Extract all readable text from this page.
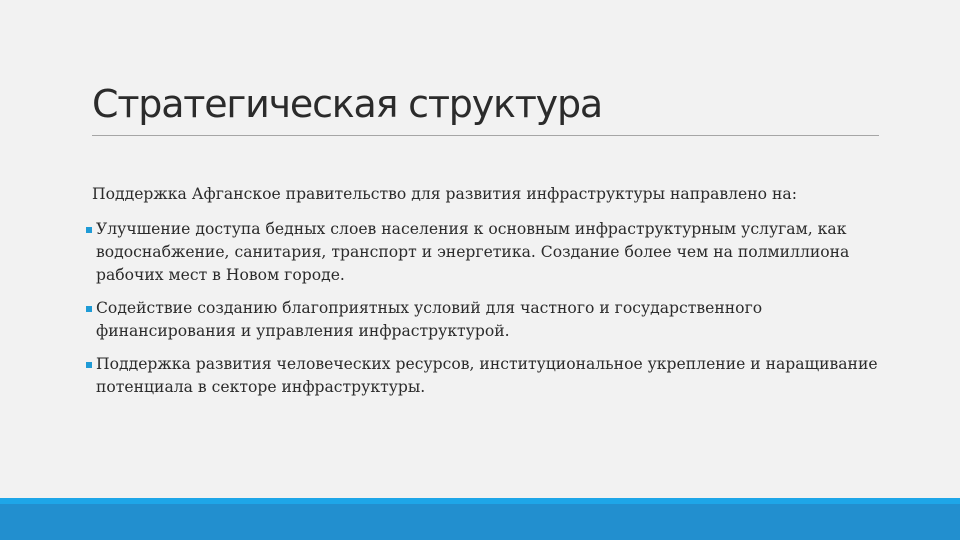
Стратегическая структура

Поддержка Афганское правительство для развития инфраструктуры направлено на:

Улучшение доступа бедных слоев населения к основным инфраструктурным услугам, как водоснабжение, санитария, транспорт и энергетика. Создание более чем на полмиллиона рабочих мест в Новом городе.
Содействие созданию благоприятных условий для частного и государственного финансирования и управления инфраструктурой.
Поддержка развития человеческих ресурсов, институциональное укрепление и наращивание потенциала в секторе инфраструктуры.
